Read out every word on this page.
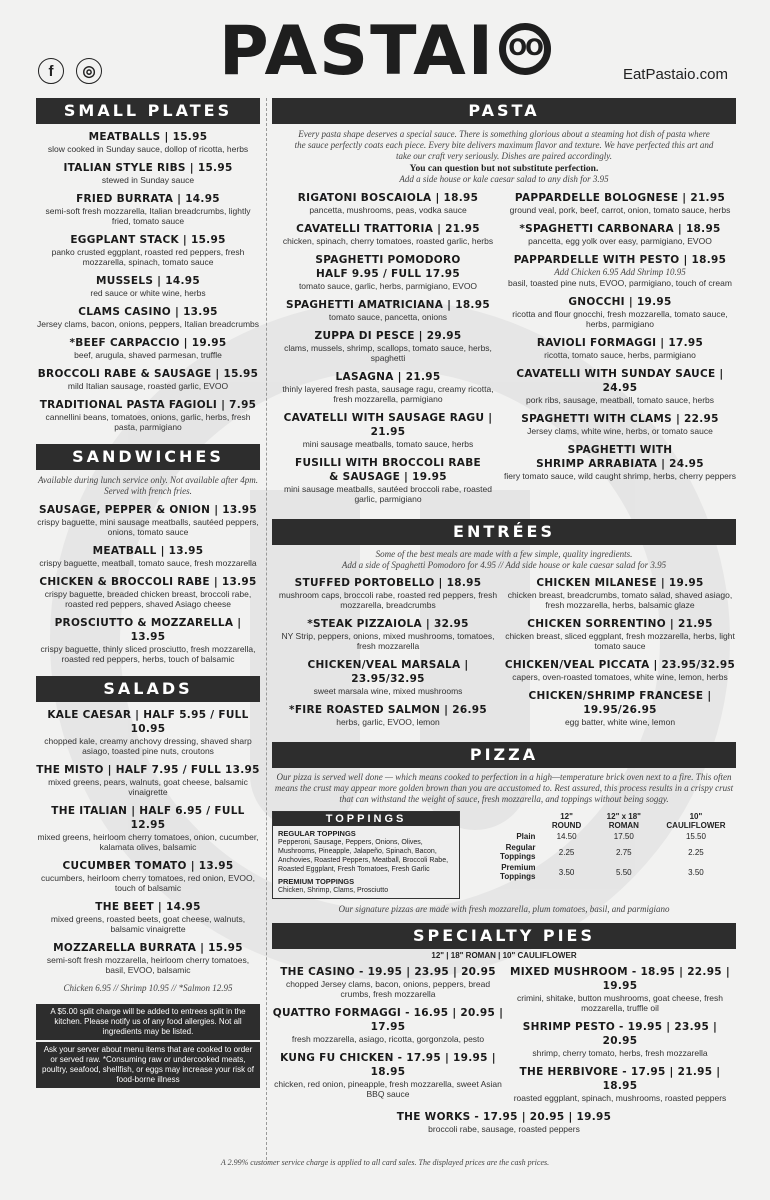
f	◎	PASTAI OO
EatPastaio.com
SMALL PLATES
MEATBALLS | 15.95
slow cooked in Sunday sauce, dollop of ricotta, herbs
ITALIAN STYLE RIBS | 15.95
stewed in Sunday sauce
FRIED BURRATA | 14.95
semi-soft fresh mozzarella, Italian breadcrumbs, lightly fried, tomato sauce
EGGPLANT STACK | 15.95
panko crusted eggplant, roasted red peppers, fresh mozzarella, spinach, tomato sauce
MUSSELS | 14.95
red sauce or white wine, herbs
CLAMS CASINO | 13.95
Jersey clams, bacon, onions, peppers, Italian breadcrumbs
*BEEF CARPACCIO | 19.95
beef, arugula, shaved parmesan, truffle
BROCCOLI RABE & SAUSAGE | 15.95
mild Italian sausage, roasted garlic, EVOO
TRADITIONAL PASTA FAGIOLI | 7.95
cannellini beans, tomatoes, onions, garlic, herbs, fresh pasta, parmigiano
SANDWICHES
Available during lunch service only. Not available after 4pm. Served with french fries.
SAUSAGE, PEPPER & ONION | 13.95
crispy baguette, mini sausage meatballs, sautéed peppers, onions, tomato sauce
MEATBALL | 13.95
crispy baguette, meatball, tomato sauce, fresh mozzarella
CHICKEN & BROCCOLI RABE | 13.95
crispy baguette, breaded chicken breast, broccoli rabe, roasted red peppers, shaved Asiago cheese
PROSCIUTTO & MOZZARELLA | 13.95
crispy baguette, thinly sliced prosciutto, fresh mozzarella, roasted red peppers, herbs, touch of balsamic
SALADS
KALE CAESAR | HALF 5.95 / FULL 10.95
chopped kale, creamy anchovy dressing, shaved sharp asiago, toasted pine nuts, croutons
THE MISTO | HALF 7.95 / FULL 13.95
mixed greens, pears, walnuts, goat cheese, balsamic vinaigrette
THE ITALIAN | HALF 6.95 / FULL 12.95
mixed greens, heirloom cherry tomatoes, onion, cucumber, kalamata olives, balsamic
CUCUMBER TOMATO | 13.95
cucumbers, heirloom cherry tomatoes, red onion, EVOO, touch of balsamic
THE BEET | 14.95
mixed greens, roasted beets, goat cheese, walnuts, balsamic vinaigrette
MOZZARELLA BURRATA | 15.95
semi-soft fresh mozzarella, heirloom cherry tomatoes, basil, EVOO, balsamic
Chicken 6.95 // Shrimp 10.95 // *Salmon 12.95
A $5.00 split charge will be added to entrees split in the kitchen. Please notify us of any food allergies. Not all ingredients may be listed.
Ask your server about menu items that are cooked to order or served raw. *Consuming raw or undercooked meats, poultry, seafood, shellfish, or eggs may increase your risk of food-borne illness
PASTA
Every pasta shape deserves a special sauce. There is something glorious about a steaming hot dish of pasta where the sauce perfectly coats each piece. Every bite delivers maximum flavor and texture. We have perfected this art and take our craft very seriously. Dishes are paired accordingly.
You can question but not substitute perfection.
Add a side house or kale caesar salad to any dish for 3.95
RIGATONI BOSCAIOLA | 18.95
pancetta, mushrooms, peas, vodka sauce
CAVATELLI TRATTORIA | 21.95
chicken, spinach, cherry tomatoes, roasted garlic, herbs
SPAGHETTI POMODORO
HALF 9.95 / FULL 17.95
tomato sauce, garlic, herbs, parmigiano, EVOO
SPAGHETTI AMATRICIANA | 18.95
tomato sauce, pancetta, onions
ZUPPA DI PESCE | 29.95
clams, mussels, shrimp, scallops, tomato sauce, herbs, spaghetti
LASAGNA | 21.95
thinly layered fresh pasta, sausage ragu, creamy ricotta, fresh mozzarella, parmigiano
CAVATELLI WITH SAUSAGE RAGU | 21.95
mini sausage meatballs, tomato sauce, herbs
FUSILLI WITH BROCCOLI RABE
& SAUSAGE | 19.95
mini sausage meatballs, sautéed broccoli rabe, roasted garlic, parmigiano
PAPPARDELLE BOLOGNESE | 21.95
ground veal, pork, beef, carrot, onion, tomato sauce, herbs
*SPAGHETTI CARBONARA | 18.95
pancetta, egg yolk over easy, parmigiano, EVOO
PAPPARDELLE WITH PESTO | 18.95
Add Chicken 6.95 Add Shrimp 10.95
basil, toasted pine nuts, EVOO, parmigiano, touch of cream
GNOCCHI | 19.95
ricotta and flour gnocchi, fresh mozzarella, tomato sauce, herbs, parmigiano
RAVIOLI FORMAGGI | 17.95
ricotta, tomato sauce, herbs, parmigiano
CAVATELLI WITH SUNDAY SAUCE | 24.95
pork ribs, sausage, meatball, tomato sauce, herbs
SPAGHETTI WITH CLAMS | 22.95
Jersey clams, white wine, herbs, or tomato sauce
SPAGHETTI WITH
SHRIMP ARRABIATA | 24.95
fiery tomato sauce, wild caught shrimp, herbs, cherry peppers
ENTRÉES
Some of the best meals are made with a few simple, quality ingredients.
Add a side of Spaghetti Pomodoro for 4.95 // Add side house or kale caesar salad for 3.95
STUFFED PORTOBELLO | 18.95
mushroom caps, broccoli rabe, roasted red peppers, fresh mozzarella, breadcrumbs
*STEAK PIZZAIOLA | 32.95
NY Strip, peppers, onions, mixed mushrooms, tomatoes, fresh mozzarella
CHICKEN/VEAL MARSALA | 23.95/32.95
sweet marsala wine, mixed mushrooms
*FIRE ROASTED SALMON | 26.95
herbs, garlic, EVOO, lemon
CHICKEN MILANESE | 19.95
chicken breast, breadcrumbs, tomato salad, shaved asiago, fresh mozzarella, herbs, balsamic glaze
CHICKEN SORRENTINO | 21.95
chicken breast, sliced eggplant, fresh mozzarella, herbs, light tomato sauce
CHICKEN/VEAL PICCATA | 23.95/32.95
capers, oven-roasted tomatoes, white wine, lemon, herbs
CHICKEN/SHRIMP FRANCESE | 19.95/26.95
egg batter, white wine, lemon
PIZZA
Our pizza is served well done — which means cooked to perfection in a high—temperature brick oven next to a fire. This often means the crust may appear more golden brown than you are accustomed to. Rest assured, this process results in a crispy crust that can withstand the weight of sauce, fresh mozzarella, and toppings without being soggy.
TOPPINGS
REGULAR TOPPINGS
Pepperoni, Sausage, Peppers, Onions, Olives, Mushrooms, Pineapple, Jalapeño, Spinach, Bacon, Anchovies, Roasted Peppers, Meatball, Broccoli Rabe, Roasted Eggplant, Fresh Tomatoes, Fresh Garlic
PREMIUM TOPPINGS
Chicken, Shrimp, Clams, Prosciutto
	12" ROUND	12" x 18" ROMAN	10" CAULIFLOWER
Plain	14.50	17.50	15.50
Regular Toppings	2.25	2.75	2.25
Premium Toppings	3.50	5.50	3.50
Our signature pizzas are made with fresh mozzarella, plum tomatoes, basil, and parmigiano
SPECIALTY PIES
12" | 18" ROMAN | 10" CAULIFLOWER
THE CASINO - 19.95 | 23.95 | 20.95
chopped Jersey clams, bacon, onions, peppers, bread crumbs, fresh mozzarella
QUATTRO FORMAGGI - 16.95 | 20.95 | 17.95
fresh mozzarella, asiago, ricotta, gorgonzola, pesto
KUNG FU CHICKEN - 17.95 | 19.95 | 18.95
chicken, red onion, pineapple, fresh mozzarella, sweet Asian BBQ sauce
MIXED MUSHROOM - 18.95 | 22.95 | 19.95
crimini, shitake, button mushrooms, goat cheese, fresh mozzarella, truffle oil
SHRIMP PESTO - 19.95 | 23.95 | 20.95
shrimp, cherry tomato, herbs, fresh mozzarella
THE HERBIVORE - 17.95 | 21.95 | 18.95
roasted eggplant, spinach, mushrooms, roasted peppers
THE WORKS - 17.95 | 20.95 | 19.95
broccoli rabe, sausage, roasted peppers
A 2.99% customer service charge is applied to all card sales. The displayed prices are the cash prices.
